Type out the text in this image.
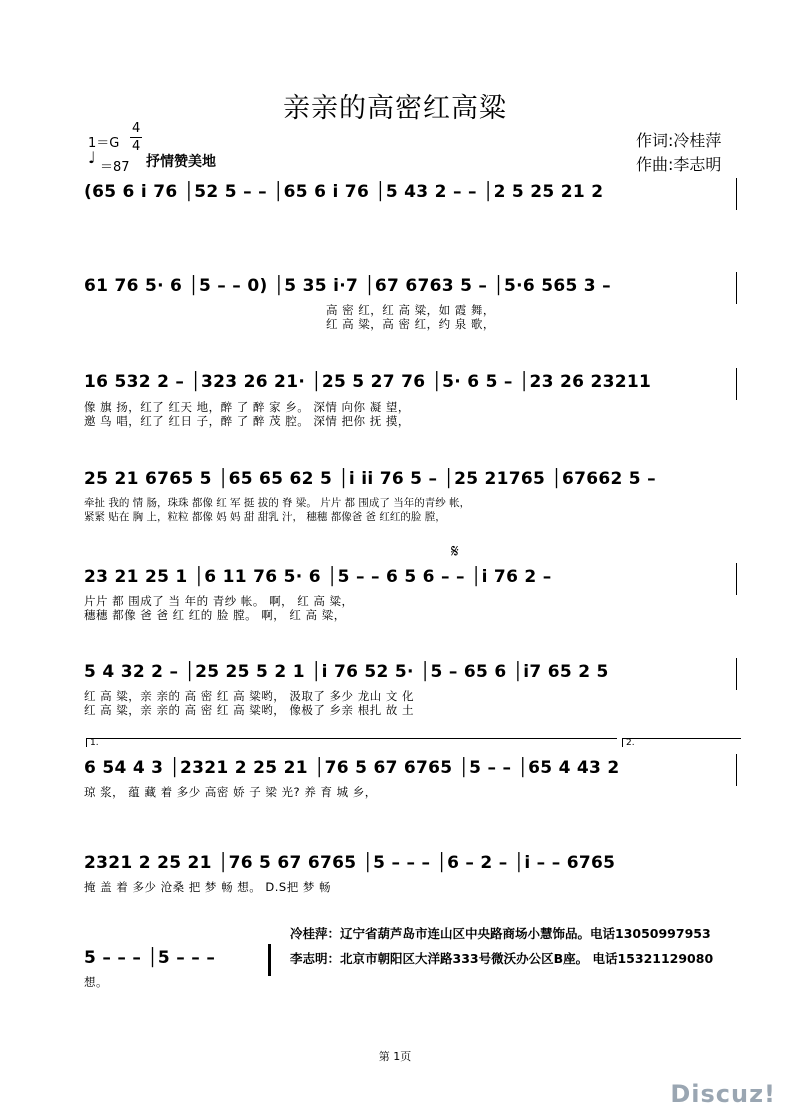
亲亲的高密红高粱
1＝G
4
4
♩
＝87 抒情赞美地
作词:冷桂萍
作曲:李志明
(65 6 i 76 │52 5 – – │65 6 i 76 │5 43 2 – – │2 5 25 21 2
61 76 5· 6 │5 – – 0) │5 35 i·7 │67 6763 5 – │5·6 565 3 –
高 密 红，红 高 粱，如 霞 舞，
红 高 粱，高 密 红，约 泉 歌，
16 532 2 – │323 26 21· │25 5 27 76 │5· 6 5 – │23 26 23211
像 旗 扬，红了 红天 地，醉 了 醉 家 乡。 深情 向你 凝 望，
邀 鸟 唱，红了 红日 子，醉 了 醉 茂 腔。 深情 把你 抚 摸，
25 21 6765 5 │65 65 62 5 │i ii 76 5 – │25 21765 │67662 5 –
牵扯 我的 情 肠，珠珠 都像 红 军 挺 拔的 脊 梁。 片片 都 围成了 当年的青纱 帐，
紧紧 贴在 胸 上，粒粒 都像 妈 妈 甜 甜乳 汁， 穗穗 都像爸 爸 红红的脸 膛，
23 21 25 1 │6 11 76 5· 6 │5 – – 6 5 6 – – │i 76 2 –
𝄋
片片 都 围成了 当 年的 青纱 帐。 啊， 红 高 粱，
穗穗 都像 爸 爸 红 红的 脸 膛。 啊， 红 高 粱，
5 4 32 2 – │25 25 5 2 1 │i 76 52 5· │5 – 65 6 │i7 65 2 5
红 高 粱，亲 亲的 高 密 红 高 粱哟， 汲取了 多少 龙山 文 化
红 高 粱，亲 亲的 高 密 红 高 粱哟， 像极了 乡亲 根扎 故 土
1.	2.
6 54 4 3 │2321 2 25 21 │76 5 67 6765 │5 – – │65 4 43 2
琼 浆， 蕴 藏 着 多少 高密 娇 子 梁 光? 养 育 城 乡，
2321 2 25 21 │76 5 67 6765 │5 – – – │6 – 2 – │i – – 6765
掩 盖 着 多少 沧桑 把 梦 畅 想。 D.S把 梦 畅
5 – – – │5 – – –
想。
冷桂萍：辽宁省葫芦岛市连山区中央路商场小慧饰品。电话13050997953
李志明：北京市朝阳区大洋路333号微沃办公区B座。 电话15321129080
第 1页
Discuz!
